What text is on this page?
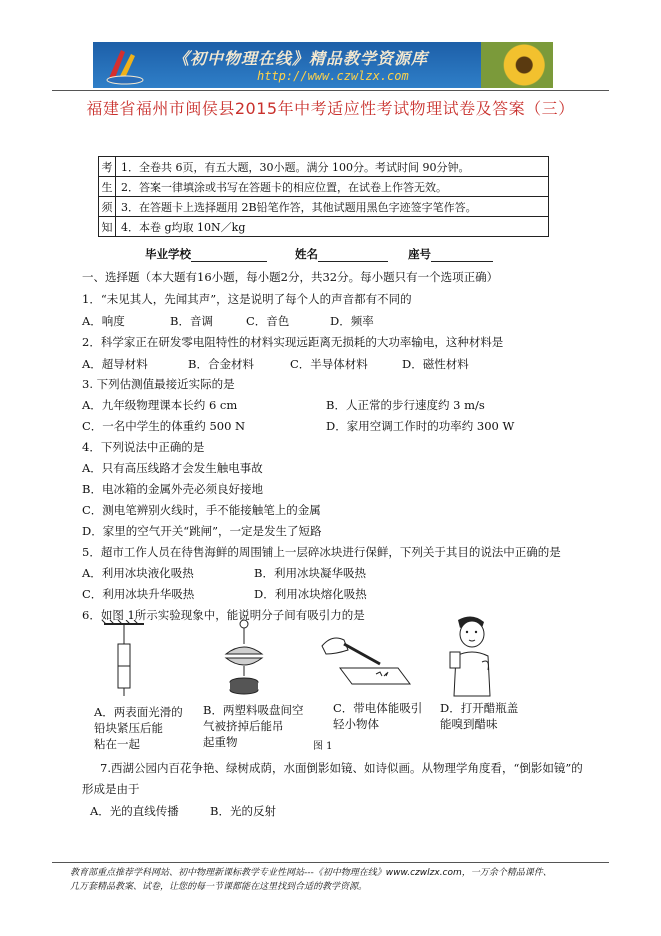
《初中物理在线》精品教学资源库
http://www.czwlzx.com
福建省福州市闽侯县2015年中考适应性考试物理试卷及答案（三）
考	1．全卷共 6页，有五大题，30小题。满分 100分。考试时间 90分钟。
生	2．答案一律填涂或书写在答题卡的相应位置，在试卷上作答无效。
须	3．在答题卡上选择题用 2B铅笔作答，其他试题用黑色字迹签字笔作答。
知	4．本卷 g均取 10N／kg
毕业学校	姓名	座号
一、选择题（本大题有16小题，每小题2分，共32分。每小题只有一个选项正确）
1．“未见其人，先闻其声”，这是说明了每个人的声音都有不同的
A．响度	B．音调	C．音色	D．频率
2．科学家正在研发零电阻特性的材料实现远距离无损耗的大功率输电，这种材料是
A．超导材料	B．合金材料	C．半导体材料	D．磁性材料
3. 下列估测值最接近实际的是
A．九年级物理课本长约 6 cm	B．人正常的步行速度约 3 m/s
C．一名中学生的体重约 500 N	D．家用空调工作时的功率约 300 W
4．下列说法中正确的是
A．只有高压线路才会发生触电事故
B．电冰箱的金属外壳必须良好接地
C．测电笔辨别火线时，手不能接触笔上的金属
D．家里的空气开关“跳闸”，一定是发生了短路
5．超市工作人员在待售海鲜的周围铺上一层碎冰块进行保鲜，下列关于其目的说法中正确的是
A．利用冰块液化吸热	B．利用冰块凝华吸热
C．利用冰块升华吸热	D．利用冰块熔化吸热
6．如图 1所示实验现象中，能说明分子间有吸引力的是
A．两表面光滑的
铅块紧压后能
粘在一起
B．两塑料吸盘间空
气被挤掉后能吊
起重物	图 1
C．带电体能吸引
轻小物体
D．打开醋瓶盖
能嗅到醋味
7.西湖公园内百花争艳、绿树成荫，水面倒影如镜、如诗似画。从物理学角度看，“倒影如镜”的
形成是由于
A．光的直线传播	B．光的反射
教育部重点推荐学科网站、初中物理新课标教学专业性网站---《初中物理在线》www.czwlzx.com，一万余个精品课件、
几万套精品教案、试卷，让您的每一节课都能在这里找到合适的教学资源。
